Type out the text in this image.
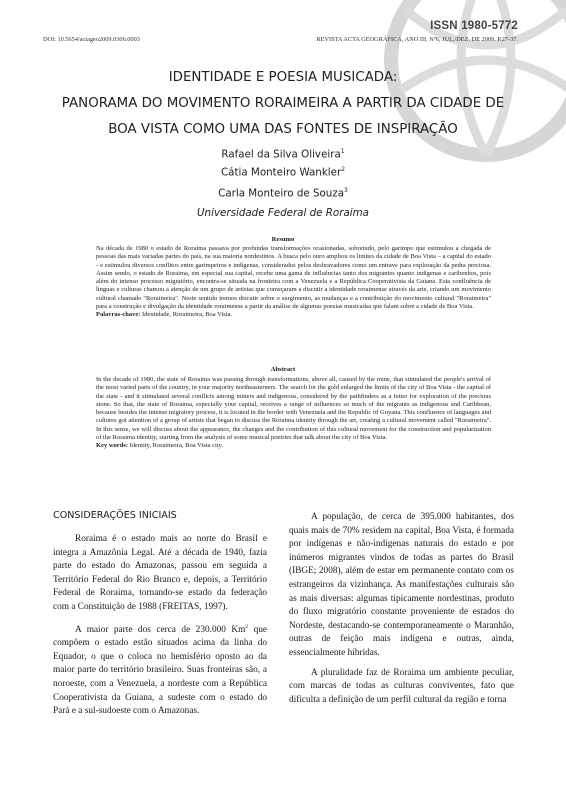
ISSN 1980-5772
DOI: 10.5654/actageo2009.0306.0003	REVISTA ACTA GEOGRÁFICA, ANO III, Nº6, JUL./DEZ. DE 2009. P.27-37.
IDENTIDADE E POESIA MUSICADA:
PANORAMA DO MOVIMENTO RORAIMEIRA A PARTIR DA CIDADE DE
BOA VISTA COMO UMA DAS FONTES DE INSPIRAÇÃO
Rafael da Silva Oliveira$^1$
Cátia Monteiro Wankler$^2$
Carla Monteiro de Souza$^3$
Universidade Federal de Roraima
Resumo
Na década de 1980 o estado de Roraima passava por profundas transformações ocasionadas, sobretudo, pelo garimpo que estimulou a chegada de pessoas das mais variadas partes do país, na sua maioria nordestinos. A busca pelo ouro ampliou os limites da cidade de Boa Vista – a capital do estado - e estimulou diversos conflitos entre garimpeiros e indígenas, considerados pelos desbravadores como um entrave para exploração da pedra preciosa. Assim sendo, o estado de Roraima, em especial sua capital, recebe uma gama de influências tanto dos migrantes quanto indígenas e caribenhos, pois além do intenso processo migratório, encontra-se situada na fronteira com a Venezuela e a República Cooperativista da Guiana. Esta confluência de línguas e culturas chamou a atenção de um grupo de artistas que começaram a discutir a identidade roraimense através da arte, criando um movimento cultural chamado "Roraimeira". Neste sentido iremos discutir sobre o surgimento, as mudanças e a contribuição do movimento cultural "Roraimeira" para a construção e divulgação da identidade roraimense a partir da análise de algumas poesias musicadas que falam sobre a cidade de Boa Vista.
Palavras-chave: Identidade, Roraimeira, Boa Vista.
Abstract
In the decade of 1980, the state of Roraima was passing through transformations, above all, caused by the mine, that stimulated the people's arrival of the most varied parts of the country, in your majority northeasterners. The search for the gold enlarged the limits of the city of Boa Vista - the capital of the state - and it stimulated several conflicts among miners and indigenous, considered by the pathfinders as a fetter for exploration of the precious stone. So that, the state of Roraima, especially your capital, receives a range of influences so much of the migrants as indigenous and Caribbean, because besides the intense migratory process, it is located in the border with Venezuela and the Republic of Guyana. This confluence of languages and cultures got attention of a group of artists that began to discuss the Roraima identity through the art, creating a cultural movement called "Roraimeira". In this sense, we will discuss about the appearance, the changes and the contribution of this cultural movement for the construction and popularization of the Roraima identity, starting from the analysis of some musical poetries that talk about the city of Boa Vista.
Key words: Identity, Roraimeira, Boa Vista city.
CONSIDERAÇÕES INICIAIS

Roraima é o estado mais ao norte do Brasil e integra a Amazônia Legal. Até a década de 1940, fazia parte do estado do Amazonas, passou em seguida a Território Federal do Rio Branco e, depois, a Território Federal de Roraima, tornando-se estado da federação com a Constituição de 1988 (FREITAS, 1997).

A maior parte dos cerca de 230.000 Km$^2$ que compõem o estado estão situados acima da linha do Equador, o que o coloca no hemisfério oposto ao da maior parte do território brasileiro. Suas fronteiras são, a noroeste, com a Venezuela, a nordeste com a República Cooperativista da Guiana, a sudeste com o estado do Pará e a sul-sudoeste com o Amazonas.

A população, de cerca de 395.000 habitantes, dos quais mais de 70% residem na capital, Boa Vista, é formada por indígenas e não-indígenas naturais do estado e por inúmeros migrantes vindos de todas as partes do Brasil (IBGE; 2008), além de estar em permanente contato com os estrangeiros da vizinhança. As manifestações culturais são as mais diversas: algumas tipicamente nordestinas, produto do fluxo migratório constante proveniente de estados do Nordeste, destacando-se contemporaneamente o Maranhão, outras de feição mais indígena e outras, ainda, essencialmente híbridas.

A pluralidade faz de Roraima um ambiente peculiar, com marcas de todas as culturas conviventes, fato que dificulta a definição de um perfil cultural da região e torna
